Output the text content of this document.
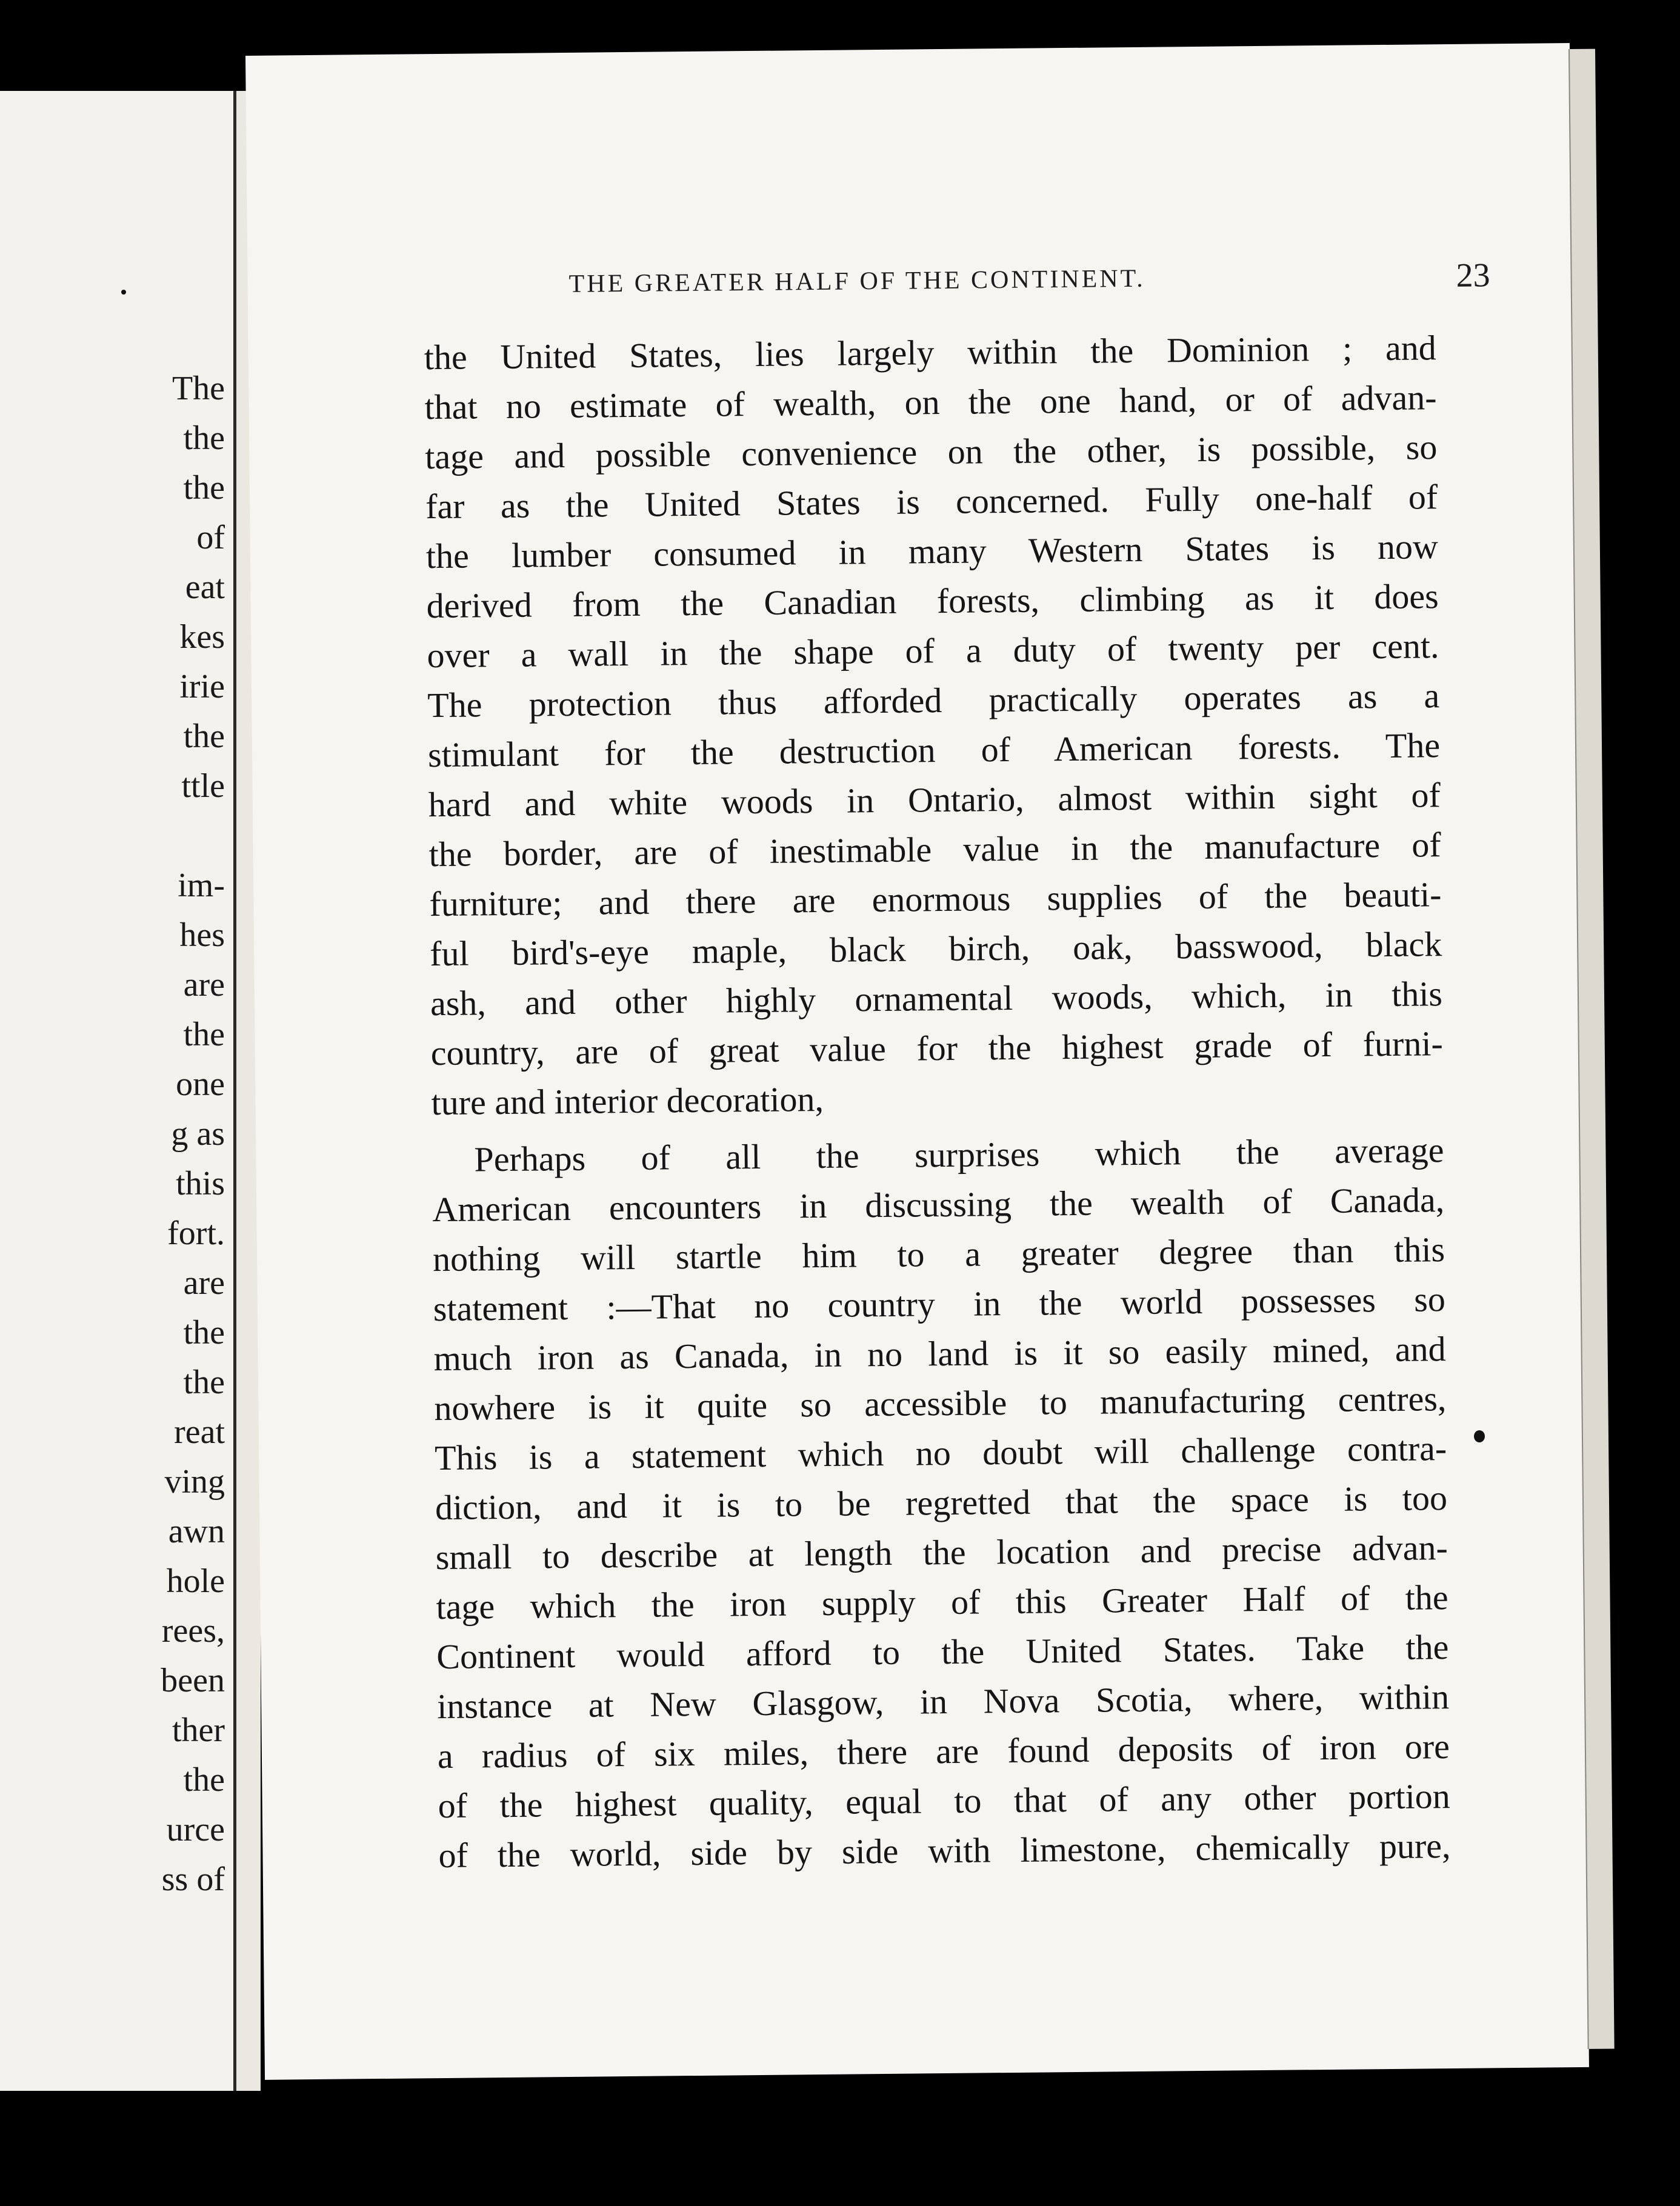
The
the
the
of
eat
kes
irie
the
ttle
im-
hes
are
the
one
g as
this
fort.
are
the
the
reat
ving
awn
hole
rees,
been
ther
the
urce
ss of
THE GREATER HALF OF THE CONTINENT.	23
the United States, lies largely within the Dominion ; and
that no estimate of wealth, on the one hand, or of advan-
tage and possible convenience on the other, is possible, so
far as the United States is concerned. Fully one-half of
the lumber consumed in many Western States is now
derived from the Canadian forests, climbing as it does
over a wall in the shape of a duty of twenty per cent.
The protection thus afforded practically operates as a
stimulant for the destruction of American forests. The
hard and white woods in Ontario, almost within sight of
the border, are of inestimable value in the manufacture of
furniture; and there are enormous supplies of the beauti-
ful bird's-eye maple, black birch, oak, basswood, black
ash, and other highly ornamental woods, which, in this
country, are of great value for the highest grade of furni-
ture and interior decoration,
Perhaps of all the surprises which the average
American encounters in discussing the wealth of Canada,
nothing will startle him to a greater degree than this
statement :—That no country in the world possesses so
much iron as Canada, in no land is it so easily mined, and
nowhere is it quite so accessible to manufacturing centres,
This is a statement which no doubt will challenge contra-
diction, and it is to be regretted that the space is too
small to describe at length the location and precise advan-
tage which the iron supply of this Greater Half of the
Continent would afford to the United States. Take the
instance at New Glasgow, in Nova Scotia, where, within
a radius of six miles, there are found deposits of iron ore
of the highest quality, equal to that of any other portion
of the world, side by side with limestone, chemically pure,
